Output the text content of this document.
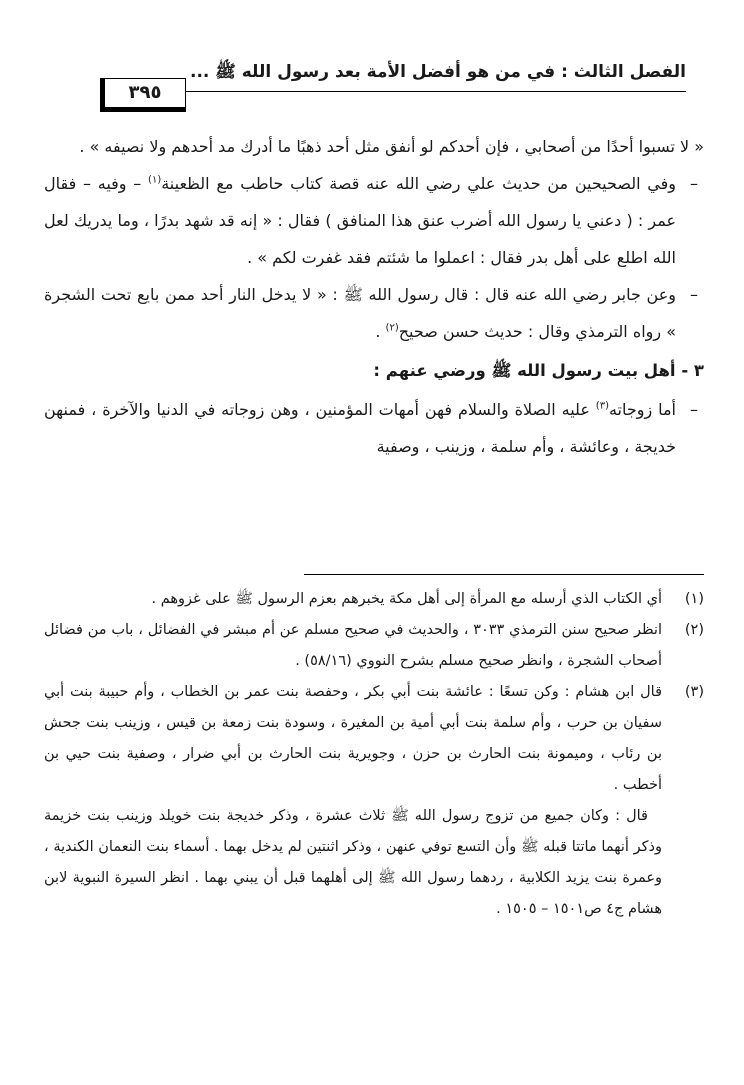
الفصل الثالث : في من هو أفضل الأمة بعد رسول الله ﷺ ...
٣٩٥

« لا تسبوا أحدًا من أصحابي ، فإن أحدكم لو أنفق مثل أحد ذهبًا ما أدرك مد أحدهم ولا نصيفه » .

–
وفي الصحيحين من حديث علي رضي الله عنه قصة كتاب حاطب مع الظعينة$^{(١)}$ – وفيه – فقال عمر : ( دعني يا رسول الله أضرب عنق هذا المنافق ) فقال : « إنه قد شهد بدرًا ، وما يدريك لعل الله اطلع على أهل بدر فقال : اعملوا ما شئتم فقد غفرت لكم » .

–
وعن جابر رضي الله عنه قال : قال رسول الله ﷺ : « لا يدخل النار أحد ممن بايع تحت الشجرة » رواه الترمذي وقال : حديث حسن صحيح$^{(٢)}$ .

٣ - أهل بيت رسول الله ﷺ ورضي عنهم :

–
أما زوجاته$^{(٣)}$ عليه الصلاة والسلام فهن أمهات المؤمنين ، وهن زوجاته في الدنيا والآخرة ، فمنهن خديجة ، وعائشة ، وأم سلمة ، وزينب ، وصفية

(١)
أي الكتاب الذي أرسله مع المرأة إلى أهل مكة يخبرهم بعزم الرسول ﷺ على غزوهم .

(٢)
انظر صحيح سنن الترمذي ٣٠٣٣ ، والحديث في صحيح مسلم عن أم مبشر في الفضائل ، باب من فضائل أصحاب الشجرة ، وانظر صحيح مسلم بشرح النووي (٥٨/١٦) .

(٣)
قال ابن هشام : وكن تسعًا : عائشة بنت أبي بكر ، وحفصة بنت عمر بن الخطاب ، وأم حبيبة بنت أبي سفيان بن حرب ، وأم سلمة بنت أبي أمية بن المغيرة ، وسودة بنت زمعة بن قيس ، وزينب بنت جحش بن رئاب ، وميمونة بنت الحارث بن حزن ، وجويرية بنت الحارث بن أبي ضرار ، وصفية بنت حيي بن أخطب .

قال : وكان جميع من تزوج رسول الله ﷺ ثلاث عشرة ، وذكر خديجة بنت خويلد وزينب بنت خزيمة وذكر أنهما ماتتا قبله ﷺ وأن التسع توفي عنهن ، وذكر اثنتين لم يدخل بهما . أسماء بنت النعمان الكندية ، وعمرة بنت يزيد الكلابية ، ردهما رسول الله ﷺ إلى أهلهما قبل أن يبني بهما . انظر السيرة النبوية لابن هشام ج٤ ص١٥٠١ – ١٥٠٥ .
